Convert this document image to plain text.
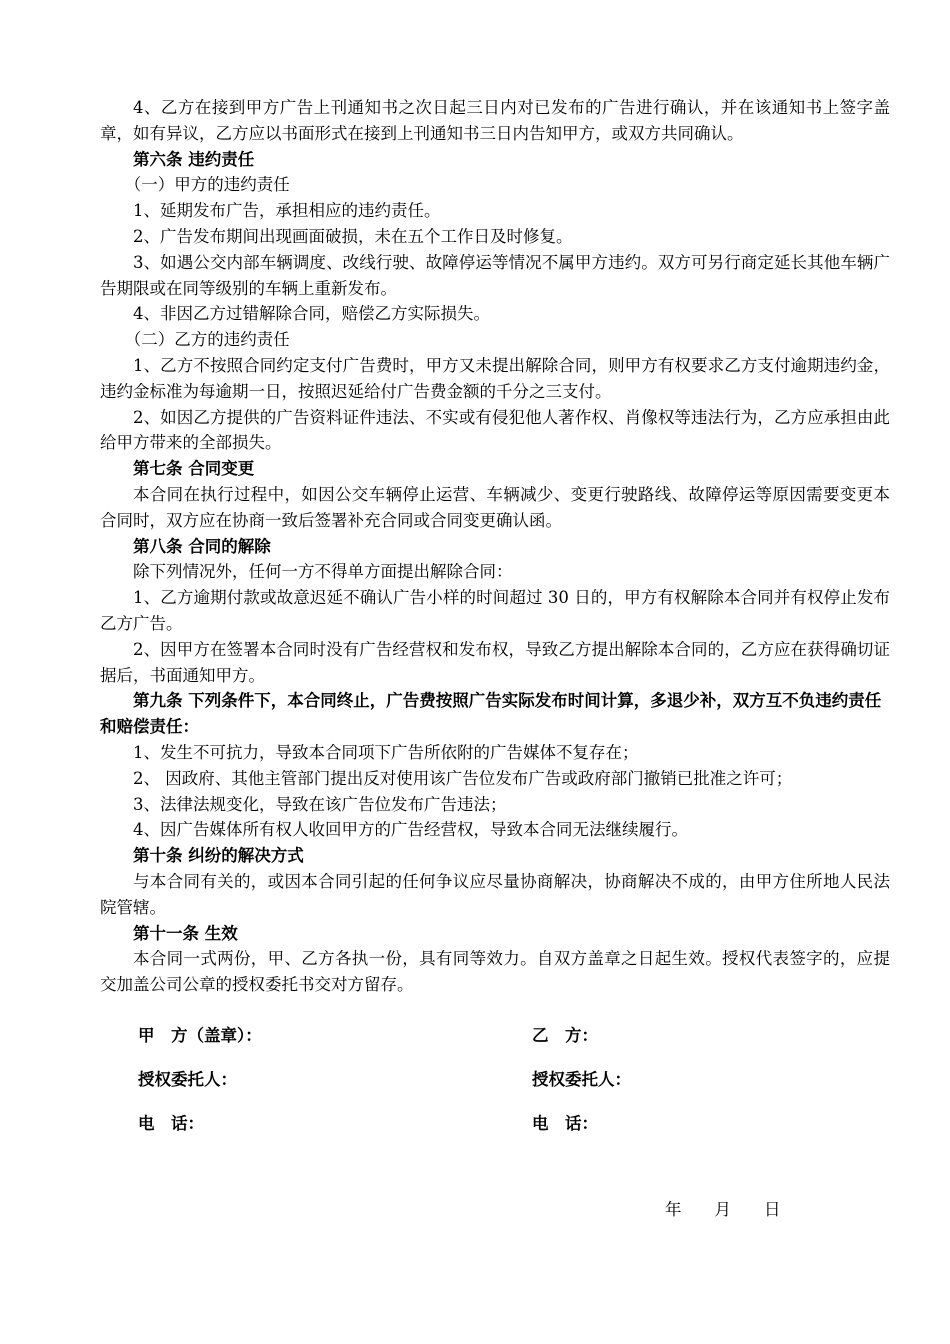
4、乙方在接到甲方广告上刊通知书之次日起三日内对已发布的广告进行确认，并在该通知书上签字盖章，如有异议，乙方应以书面形式在接到上刊通知书三日内告知甲方，或双方共同确认。

第六条 违约责任

（一）甲方的违约责任

1、延期发布广告，承担相应的违约责任。

2、广告发布期间出现画面破损，未在五个工作日及时修复。

3、如遇公交内部车辆调度、改线行驶、故障停运等情况不属甲方违约。双方可另行商定延长其他车辆广告期限或在同等级别的车辆上重新发布。

4、非因乙方过错解除合同，赔偿乙方实际损失。

（二）乙方的违约责任

1、乙方不按照合同约定支付广告费时，甲方又未提出解除合同，则甲方有权要求乙方支付逾期违约金，违约金标准为每逾期一日，按照迟延给付广告费金额的千分之三支付。

2、如因乙方提供的广告资料证件违法、不实或有侵犯他人著作权、肖像权等违法行为，乙方应承担由此给甲方带来的全部损失。

第七条 合同变更

本合同在执行过程中，如因公交车辆停止运营、车辆减少、变更行驶路线、故障停运等原因需要变更本合同时，双方应在协商一致后签署补充合同或合同变更确认函。

第八条 合同的解除

除下列情况外，任何一方不得单方面提出解除合同：

1、乙方逾期付款或故意迟延不确认广告小样的时间超过 30 日的，甲方有权解除本合同并有权停止发布乙方广告。

2、因甲方在签署本合同时没有广告经营权和发布权，导致乙方提出解除本合同的，乙方应在获得确切证据后，书面通知甲方。

第九条 下列条件下，本合同终止，广告费按照广告实际发布时间计算，多退少补，双方互不负违约责任和赔偿责任：

1、发生不可抗力，导致本合同项下广告所依附的广告媒体不复存在；

2、 因政府、其他主管部门提出反对使用该广告位发布广告或政府部门撤销已批准之许可；

3、法律法规变化，导致在该广告位发布广告违法；

4、因广告媒体所有权人收回甲方的广告经营权，导致本合同无法继续履行。

第十条 纠纷的解决方式

与本合同有关的，或因本合同引起的任何争议应尽量协商解决，协商解决不成的，由甲方住所地人民法院管辖。

第十一条 生效

本合同一式两份，甲、乙方各执一份，具有同等效力。自双方盖章之日起生效。授权代表签字的，应提交加盖公司公章的授权委托书交对方留存。

甲　方（盖章）：	乙　方：
授权委托人：	授权委托人：
电　话：	电　话：
年　　月　　日
